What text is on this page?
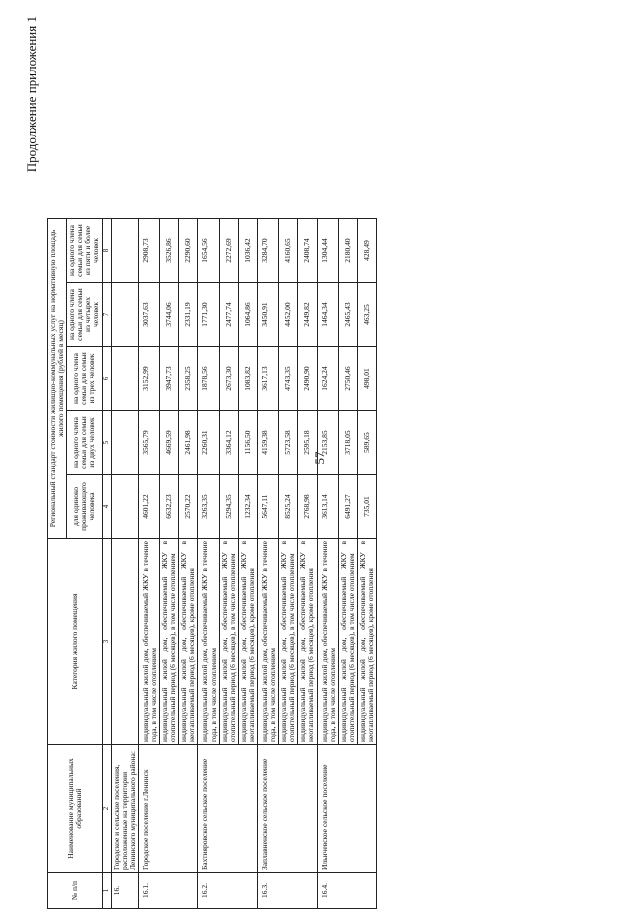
57
Продолжение приложения 1
№ п/п	Наименование муниципальных образований	Категория жилого помещения	Региональный стандарт стоимости жилищно-коммунальных услуг на нормативную площадь жилого помещения (рублей в месяц)				
			для одиноко проживающего человека	на одного члена семьи для семьи из двух человек	на одного члена семьи для семьи из трех человек	на одного члена семьи для семьи из четырех человек	на одного члена семьи для семьи из пяти и более человек
1	2	3	4	5	6	7	8
16.	Городское и сельские поселения, расположенные на территории Ленинского муниципального района:						
16.1.	Городское поселение г.Ленинск	индивидуальный жилой дом, обеспечиваемый ЖКУ в течение года, в том числе отоплением	4601,22	3565,79	3152,99	3037,63	2908,73
		индивидуальный жилой дом, обеспечиваемый ЖКУ в отопительный период (6 месяцев), в том числе отоплением	6632,23	4669,59	3947,73	3744,06	3526,86
		индивидуальный жилой дом, обеспечиваемый ЖКУ в неотапливаемый период (6 месяцев), кроме отопления	2570,22	2461,98	2358,25	2331,19	2290,60
16.2.	Бахтияровское сельское поселение	индивидуальный жилой дом, обеспечиваемый ЖКУ в течение года, в том числе отоплением	3263,35	2260,31	1878,56	1771,30	1654,56
		индивидуальный жилой дом, обеспечиваемый ЖКУ в отопительный период (6 месяцев), в том числе отоплением	5294,35	3364,12	2673,30	2477,74	2272,69
		индивидуальный жилой дом, обеспечиваемый ЖКУ в неотапливаемый период (6 месяцев), кроме отопления	1232,34	1156,50	1083,82	1064,86	1036,42
16.3.	Заплавненское сельское поселение	индивидуальный жилой дом, обеспечиваемый ЖКУ в течение года, в том числе отоплением	5647,11	4159,38	3617,13	3450,91	3284,70
		индивидуальный жилой дом, обеспечиваемый ЖКУ в отопительный период (6 месяцев), в том числе отоплением	8525,24	5723,58	4743,35	4452,00	4160,65
		индивидуальный жилой дом, обеспечиваемый ЖКУ в неотапливаемый период (6 месяцев), кроме отопления	2768,98	2595,18	2490,90	2449,82	2408,74
16.4.	Ильичевское сельское поселение	индивидуальный жилой дом, обеспечиваемый ЖКУ в течение года, в том числе отоплением	3613,14	2153,85	1624,24	1464,34	1304,44
		индивидуальный жилой дом, обеспечиваемый ЖКУ в отопительный период (6 месяцев), в том числе отоплением	6491,27	3718,05	2750,46	2465,43	2180,40
		индивидуальный жилой дом, обеспечиваемый ЖКУ в неотапливаемый период (6 месяцев), кроме отопления	735,01	589,65	498,01	463,25	428,49
